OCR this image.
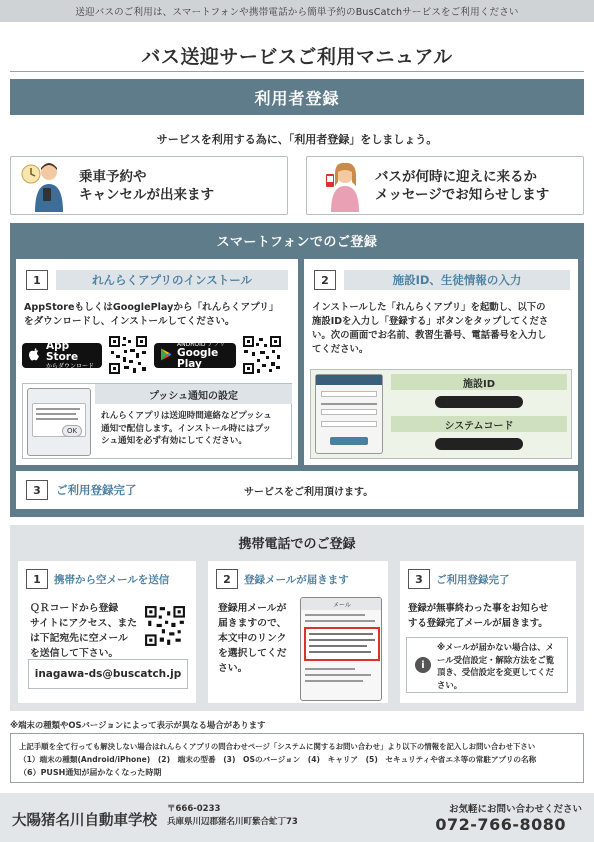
送迎バスのご利用は、スマートフォンや携帯電話から簡単予約のBusCatchサービスをご利用ください
バス送迎サービスご利用マニュアル
利用者登録
サービスを利用する為に、「利用者登録」をしましょう。
乗車予約や
キャンセルが出来ます
バスが何時に迎えに来るか
メッセージでお知らせします
スマートフォンでのご登録
1	れんらくアプリのインストール
AppStoreもしくはGooglePlayから「れんらくアプリ」
をダウンロードし、インストールしてください。
App Store
からダウンロード
ANDROID アプリ
Google Play
OK
プッシュ通知の設定
れんらくアプリは送迎時間連絡などプッシュ
通知で配信します。インストール時にはプッ
シュ通知を必ず有効にしてください。
2	施設ID、生徒情報の入力
インストールした「れんらくアプリ」を起動し、以下の
施設IDを入力し「登録する」ボタンをタップしてくださ
い。次の画面でお名前、教習生番号、電話番号を入力し
てください。
施設ID
システムコード
3	ご利用登録完了	サービスをご利用頂けます。
携帯電話でのご登録
1	携帯から空メールを送信
ＱＲコードから登録
サイトにアクセス、また
は下記宛先に空メール
を送信して下さい。
inagawa-ds@buscatch.jp
2	登録メールが届きます
登録用メールが
届きますので、
本文中のリンク
を選択してくだ
さい。
メール
3	ご利用登録完了
登録が無事終わった事をお知らせ
する登録完了メールが届きます。
i
※メールが届かない場合は、メ
ール受信設定・解除方法をご覧
頂き、受信設定を変更してくだ
さい。
※端末の種類やOSバージョンによって表示が異なる場合があります
上記手順を全て行っても解決しない場合はれんらくアプリの問合わせページ「システムに関するお問い合わせ」より以下の情報を記入しお問い合わせ下さい
（1）端末の種類(Android/iPhone)　(2)　端末の型番　(3)　OSのバージョン　(4)　キャリア　(5)　セキュリティや省エネ等の常駐アプリの名称
（6）PUSH通知が届かなくなった時期
大陽猪名川自動車学校
〒666-0233
兵庫県川辺郡猪名川町紫合虻丁73
お気軽にお問い合わせください
072-766-8080
